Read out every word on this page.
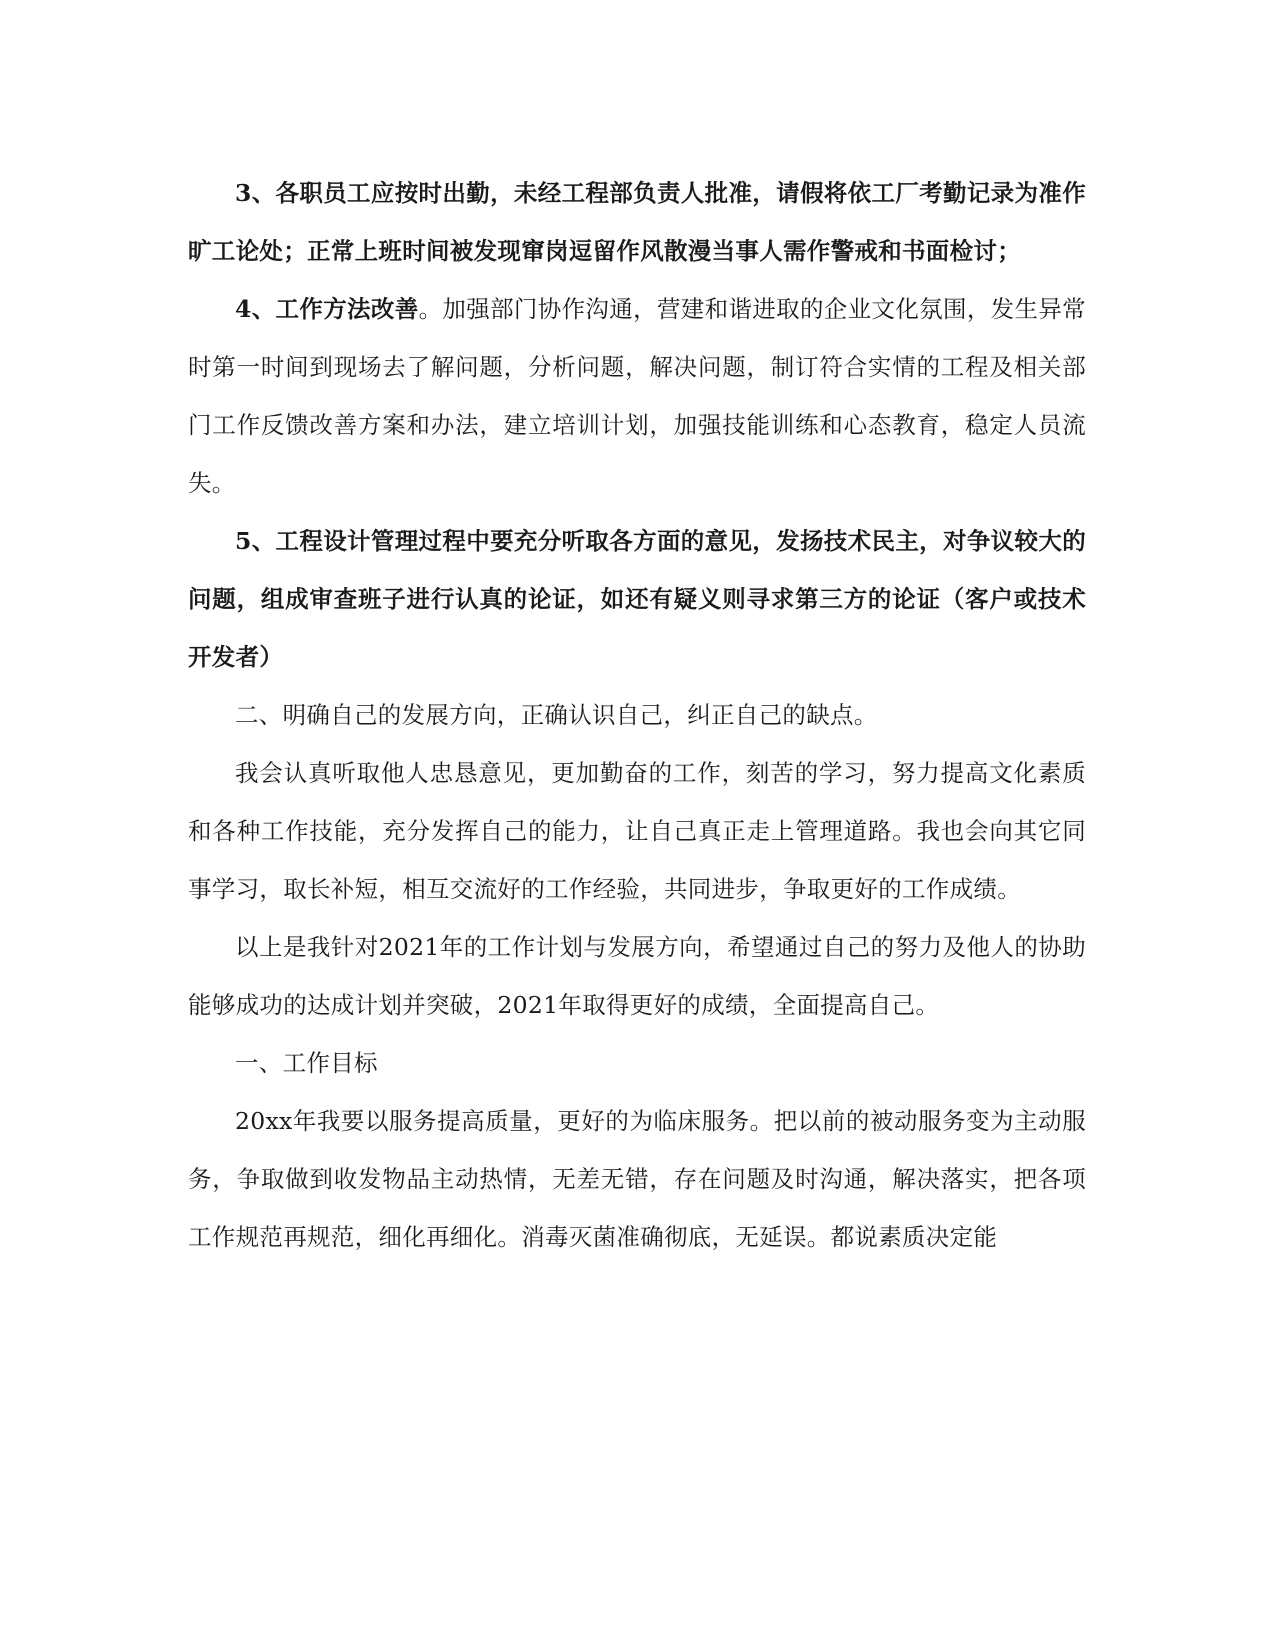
3、各职员工应按时出勤，未经工程部负责人批准，请假将依工厂考勤记录为准作旷工论处；正常上班时间被发现窜岗逗留作风散漫当事人需作警戒和书面检讨；

4、工作方法改善。加强部门协作沟通，营建和谐进取的企业文化氛围，发生异常时第一时间到现场去了解问题，分析问题，解决问题，制订符合实情的工程及相关部门工作反馈改善方案和办法，建立培训计划，加强技能训练和心态教育，稳定人员流失。

5、工程设计管理过程中要充分听取各方面的意见，发扬技术民主，对争议较大的问题，组成审查班子进行认真的论证，如还有疑义则寻求第三方的论证（客户或技术开发者）

二、明确自己的发展方向，正确认识自己，纠正自己的缺点。

我会认真听取他人忠恳意见，更加勤奋的工作，刻苦的学习，努力提高文化素质和各种工作技能，充分发挥自己的能力，让自己真正走上管理道路。我也会向其它同事学习，取长补短，相互交流好的工作经验，共同进步，争取更好的工作成绩。

以上是我针对2021年的工作计划与发展方向，希望通过自己的努力及他人的协助能够成功的达成计划并突破，2021年取得更好的成绩，全面提高自己。

一、工作目标

20xx年我要以服务提高质量，更好的为临床服务。把以前的被动服务变为主动服务，争取做到收发物品主动热情，无差无错，存在问题及时沟通，解决落实，把各项工作规范再规范，细化再细化。消毒灭菌准确彻底，无延误。都说素质决定能
